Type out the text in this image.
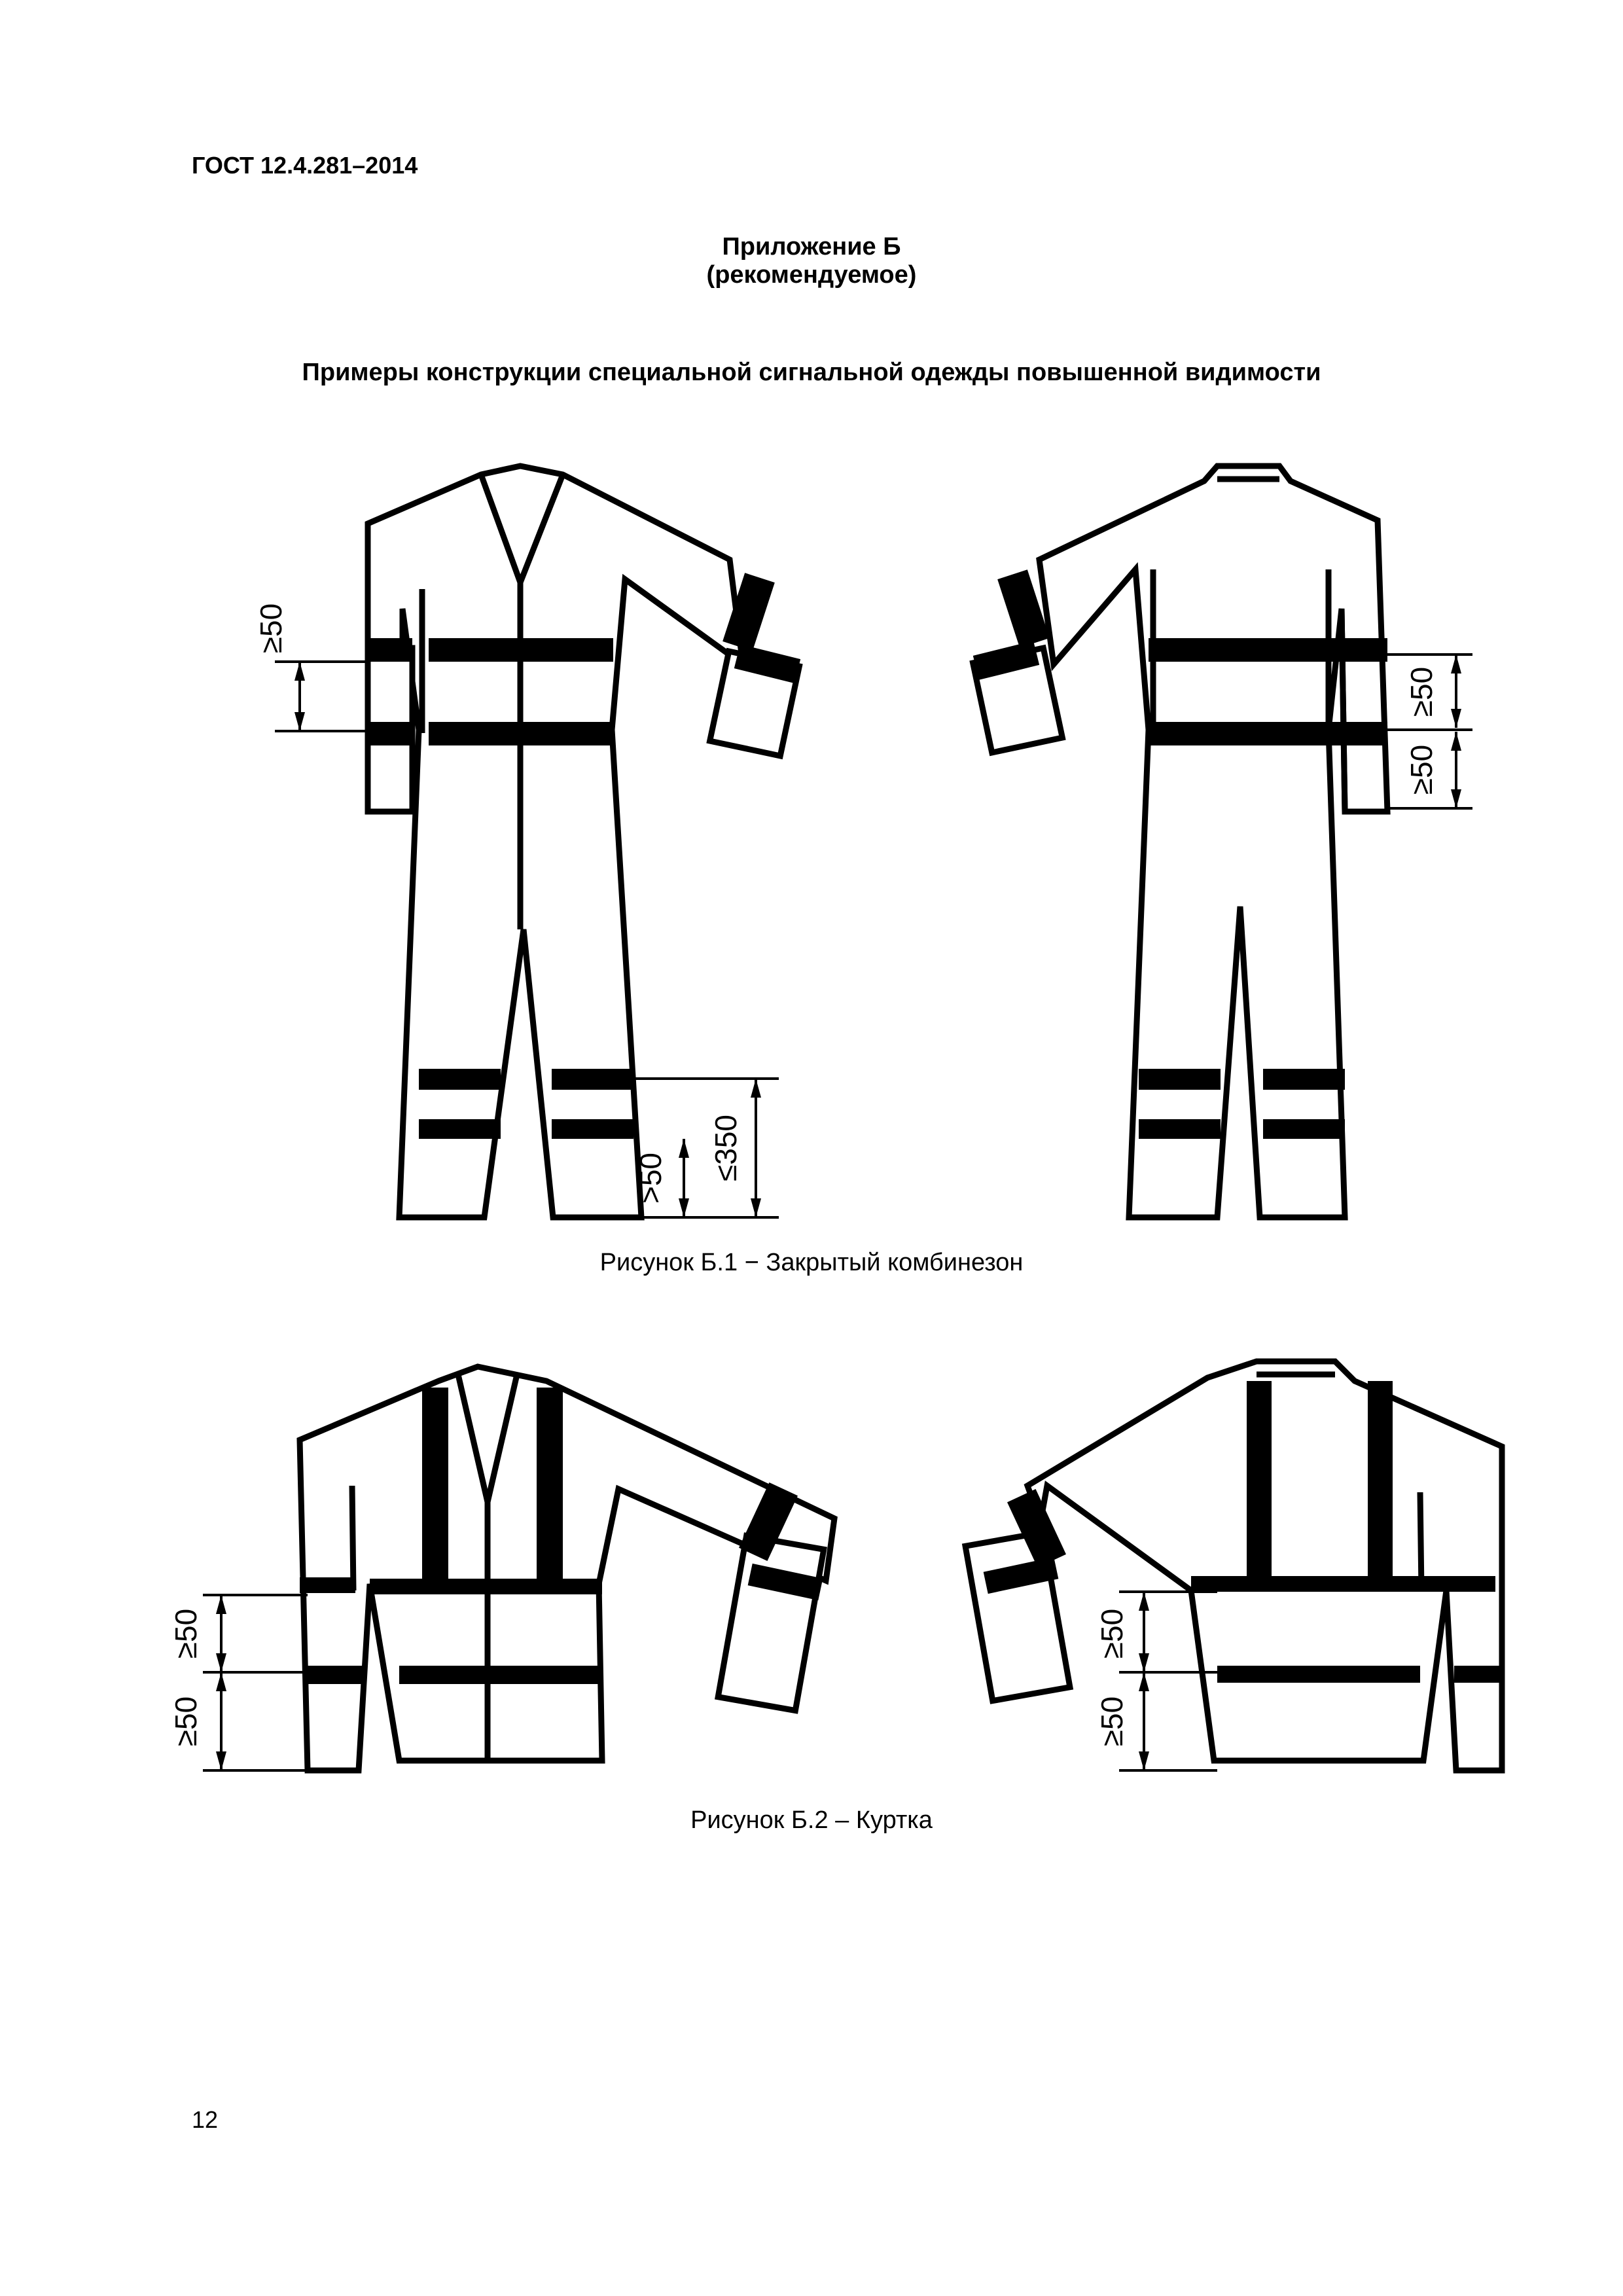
ГОСТ 12.4.281–2014
Приложение Б
(рекомендуемое)
Примеры конструкции специальной сигнальной одежды повышенной видимости
≥50
>50 ≤350
≥50
≥50
Рисунок Б.1 − Закрытый комбинезон
≥50
≥50
≥50
≥50
Рисунок Б.2 – Куртка
12
